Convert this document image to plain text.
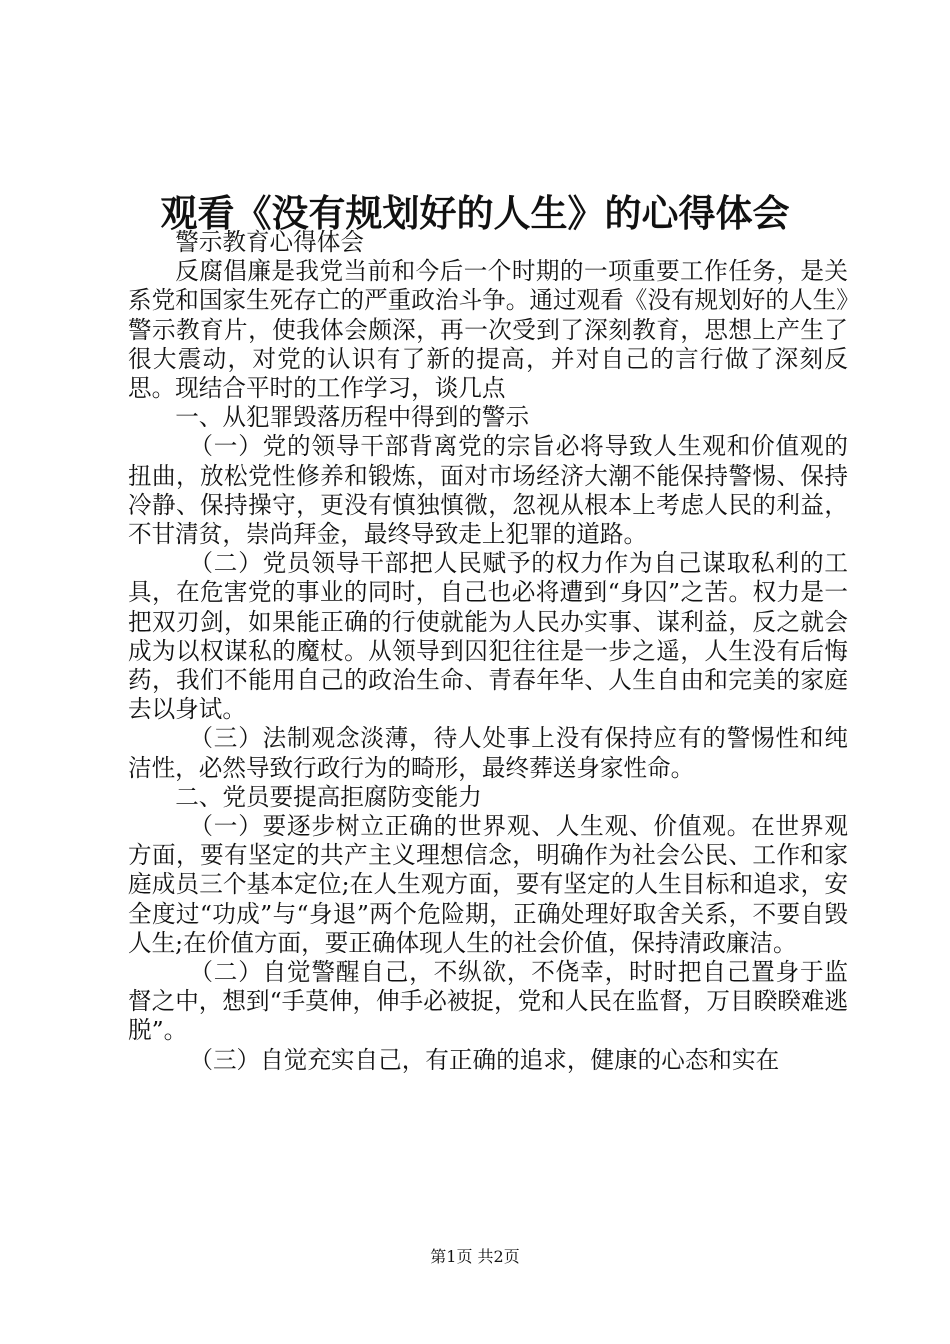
观看《没有规划好的人生》的心得体会

警示教育心得体会

反腐倡廉是我党当前和今后一个时期的一项重要工作任务，是关系党和国家生死存亡的严重政治斗争。通过观看《没有规划好的人生》警示教育片，使我体会颇深，再一次受到了深刻教育，思想上产生了很大震动，对党的认识有了新的提高，并对自己的言行做了深刻反思。现结合平时的工作学习，谈几点

一、从犯罪毁落历程中得到的警示

（一）党的领导干部背离党的宗旨必将导致人生观和价值观的扭曲，放松党性修养和锻炼，面对市场经济大潮不能保持警惕、保持冷静、保持操守，更没有慎独慎微，忽视从根本上考虑人民的利益，不甘清贫，崇尚拜金，最终导致走上犯罪的道路。

（二）党员领导干部把人民赋予的权力作为自己谋取私利的工具，在危害党的事业的同时，自己也必将遭到“身囚”之苦。权力是一把双刃剑，如果能正确的行使就能为人民办实事、谋利益，反之就会成为以权谋私的魔杖。从领导到囚犯往往是一步之遥，人生没有后悔药，我们不能用自己的政治生命、青春年华、人生自由和完美的家庭去以身试。

（三）法制观念淡薄，待人处事上没有保持应有的警惕性和纯洁性，必然导致行政行为的畸形，最终葬送身家性命。

二、党员要提高拒腐防变能力

（一）要逐步树立正确的世界观、人生观、价值观。在世界观方面，要有坚定的共产主义理想信念，明确作为社会公民、工作和家庭成员三个基本定位;在人生观方面，要有坚定的人生目标和追求，安全度过“功成”与“身退”两个危险期，正确处理好取舍关系，不要自毁人生;在价值方面，要正确体现人生的社会价值，保持清政廉洁。

（二）自觉警醒自己，不纵欲，不侥幸，时时把自己置身于监督之中，想到“手莫伸，伸手必被捉，党和人民在监督，万目睽睽难逃脱”。

（三）自觉充实自己，有正确的追求，健康的心态和实在

第1页 共2页
